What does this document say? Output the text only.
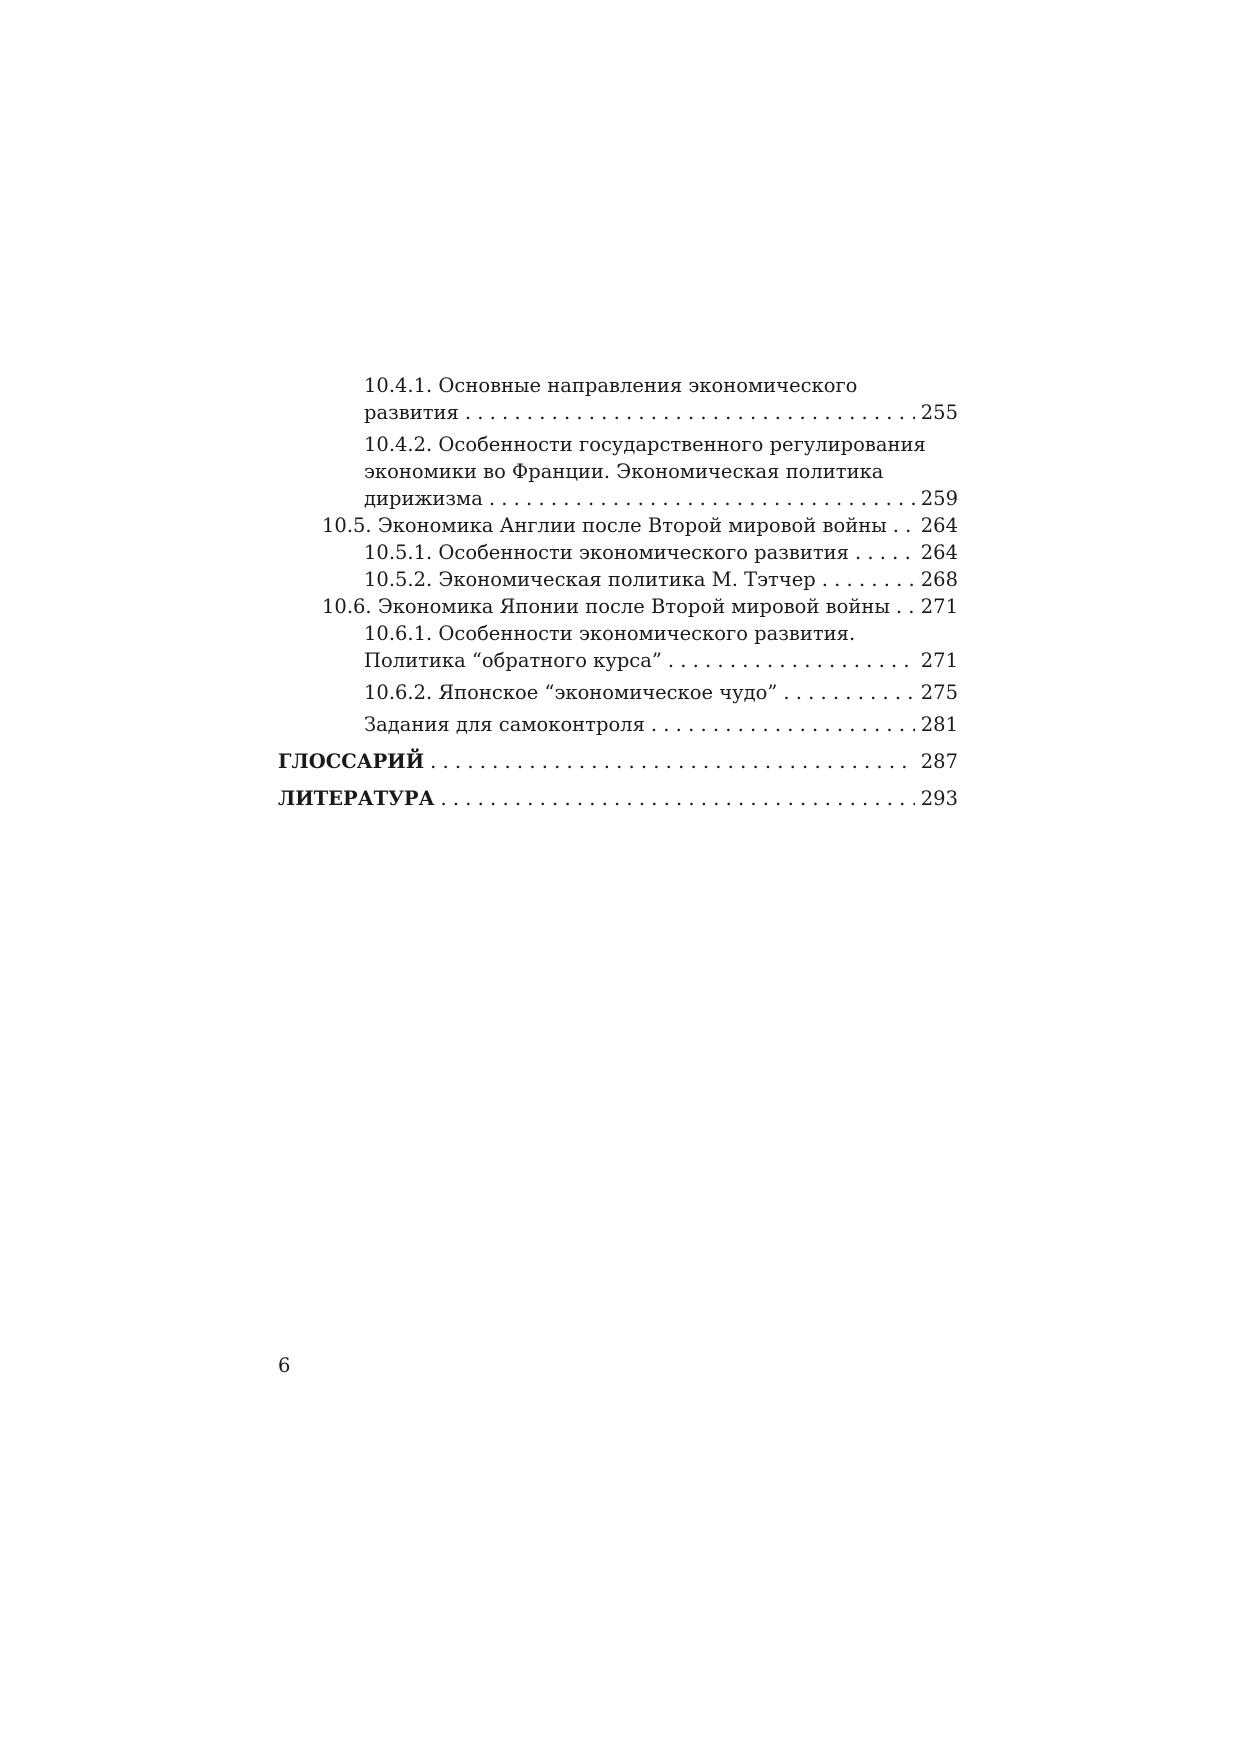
10.4.1. Основные направления экономического
развития . . .	255
10.4.2. Особенности государственного регулирования
экономики во Франции. Экономическая политика
дирижизма . . .	259
10.5. Экономика Англии после Второй мировой войны . . . 264
10.5.1. Особенности экономического развития . . .	264
10.5.2. Экономическая политика М. Тэтчер . . .	268
10.6. Экономика Японии после Второй мировой войны . . . 271
10.6.1. Особенности экономического развития.
Политика “обратного курса” . . .	271
10.6.2. Японское “экономическое чудо” . . .	275
Задания для самоконтроля . . .	281
ГЛОССАРИЙ . . .	287
ЛИТЕРАТУРА . . .	293
6
